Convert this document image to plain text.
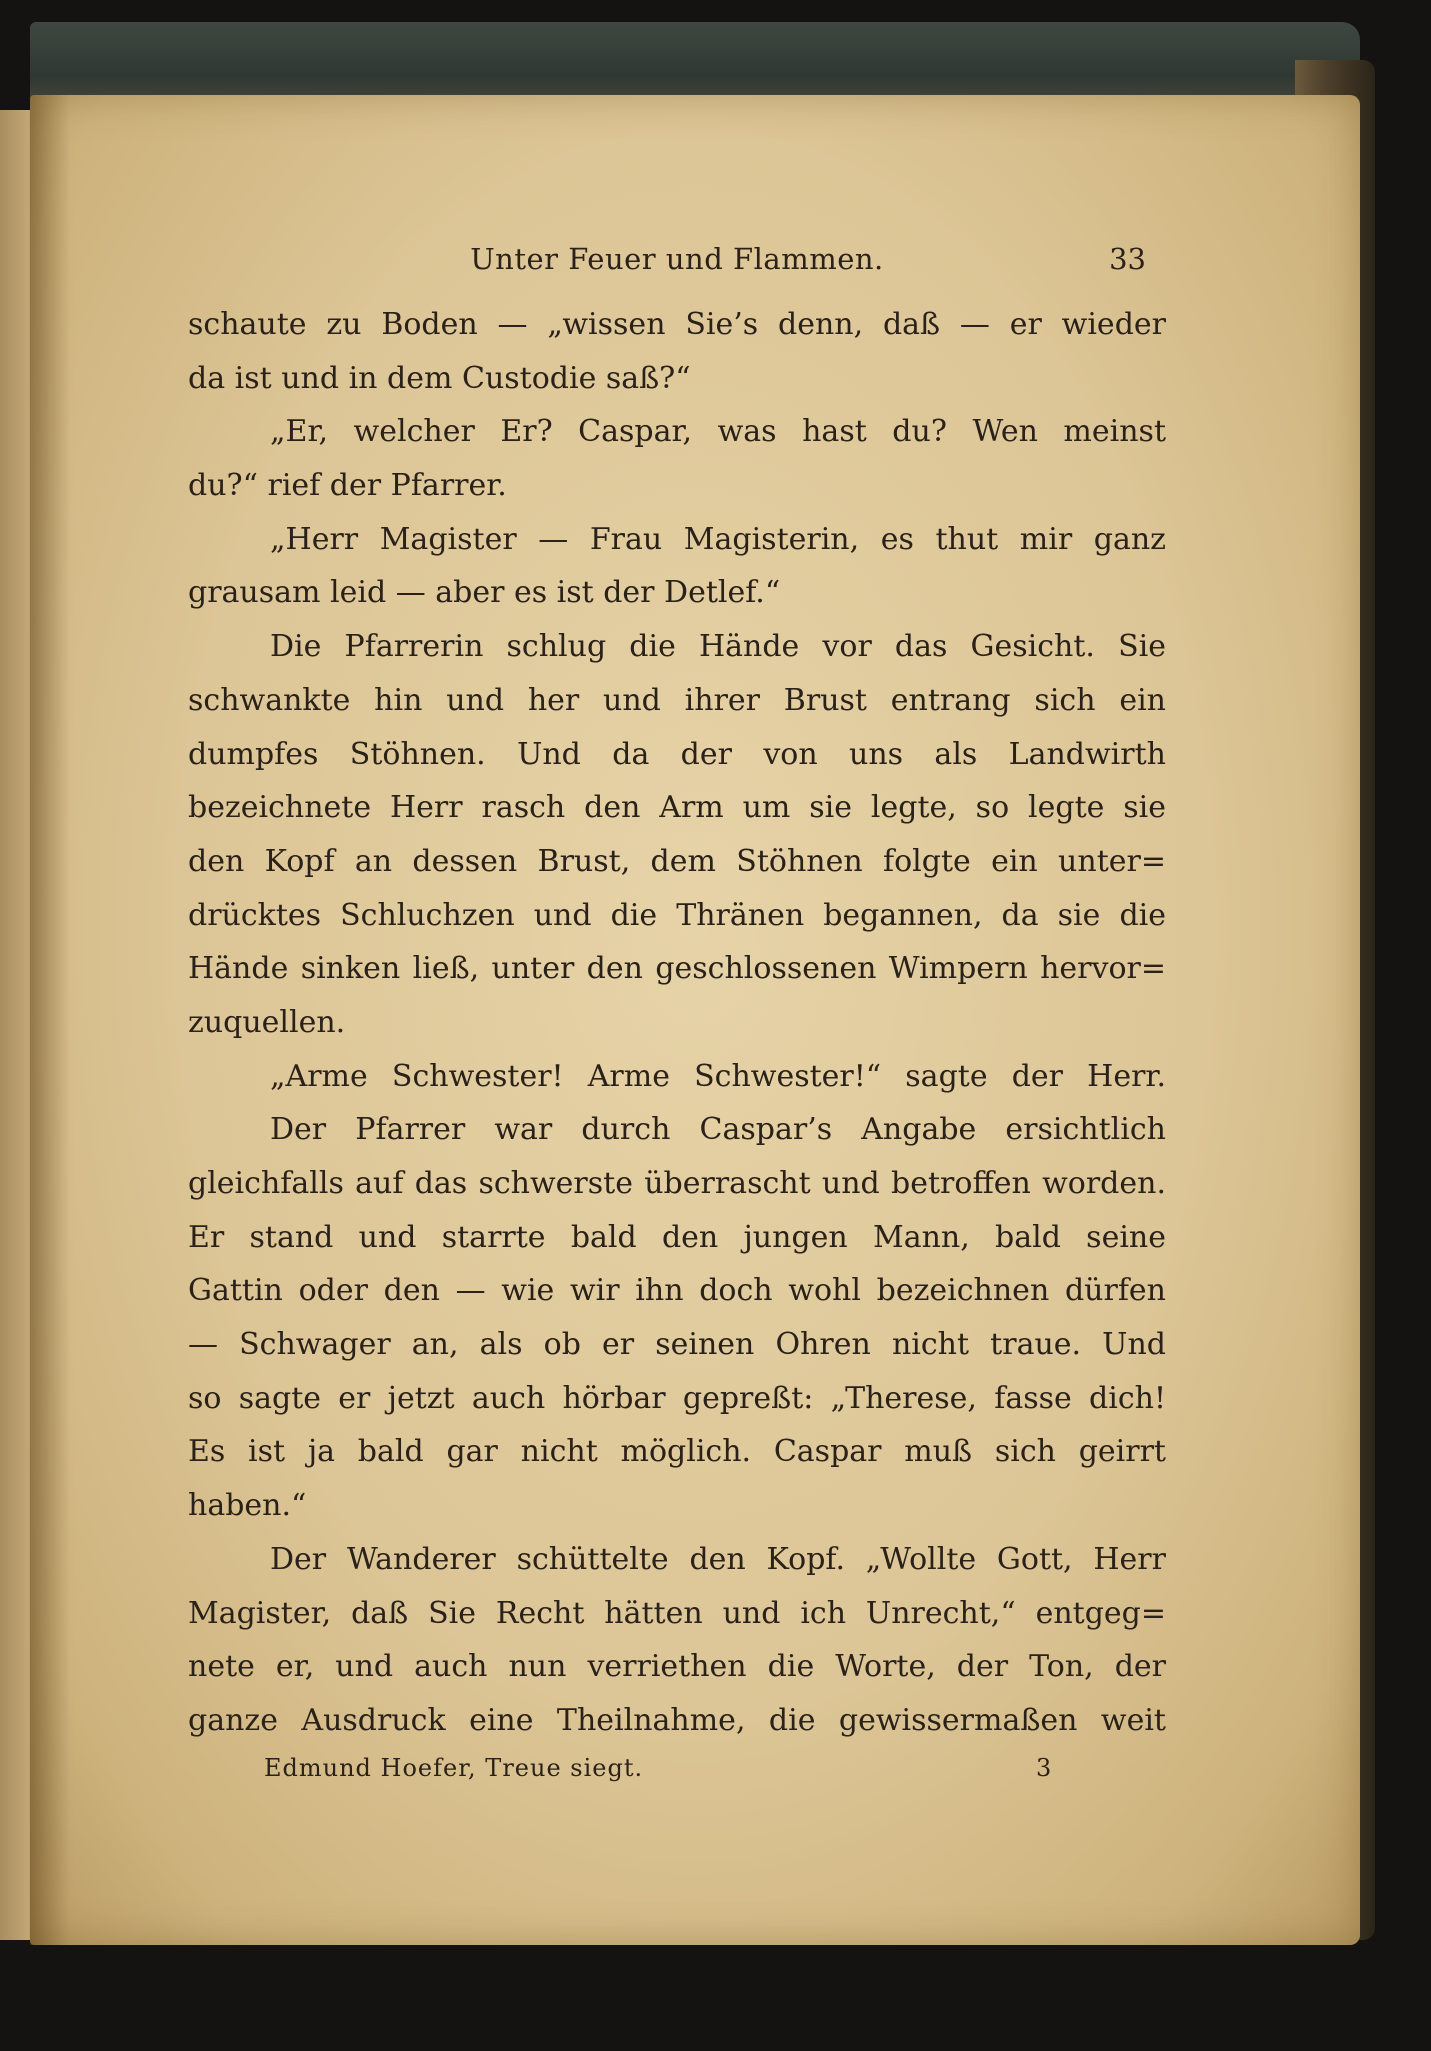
Unter Feuer und Flammen.	33
schaute zu Boden — „wissen Sie’s denn, daß — er wieder
da ist und in dem Custodie saß?“
„Er, welcher Er? Caspar, was hast du? Wen meinst
du?“ rief der Pfarrer.
„Herr Magister — Frau Magisterin, es thut mir ganz
grausam leid — aber es ist der Detlef.“
Die Pfarrerin schlug die Hände vor das Gesicht. Sie
schwankte hin und her und ihrer Brust entrang sich ein
dumpfes Stöhnen. Und da der von uns als Landwirth
bezeichnete Herr rasch den Arm um sie legte, so legte sie
den Kopf an dessen Brust, dem Stöhnen folgte ein unter=
drücktes Schluchzen und die Thränen begannen, da sie die
Hände sinken ließ, unter den geschlossenen Wimpern hervor=
zuquellen.
„Arme Schwester! Arme Schwester!“ sagte der Herr.
Der Pfarrer war durch Caspar’s Angabe ersichtlich
gleichfalls auf das schwerste überrascht und betroffen worden.
Er stand und starrte bald den jungen Mann, bald seine
Gattin oder den — wie wir ihn doch wohl bezeichnen dürfen
— Schwager an, als ob er seinen Ohren nicht traue. Und
so sagte er jetzt auch hörbar gepreßt: „Therese, fasse dich!
Es ist ja bald gar nicht möglich. Caspar muß sich geirrt
haben.“
Der Wanderer schüttelte den Kopf. „Wollte Gott, Herr
Magister, daß Sie Recht hätten und ich Unrecht,“ entgeg=
nete er, und auch nun verriethen die Worte, der Ton, der
ganze Ausdruck eine Theilnahme, die gewissermaßen weit
Edmund Hoefer, Treue siegt.	3
